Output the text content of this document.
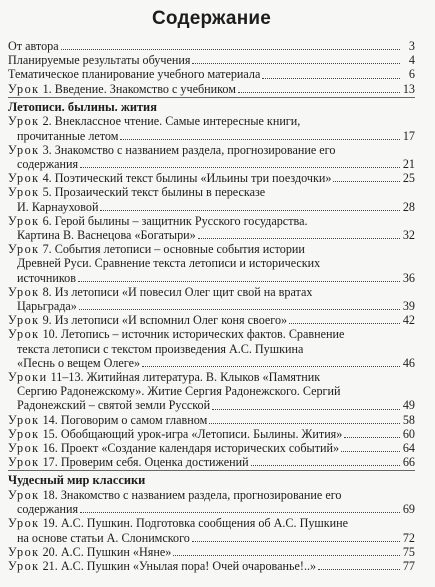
Содержание
От автора	3
Планируемые результаты обучения	4
Тематическое планирование учебного материала	6
Урок 1. Введение. Знакомство с учебником	13
Летописи. былины. жития
Урок 2. Внеклассное чтение. Самые интересные книги,
прочитанные летом	17
Урок 3. Знакомство с названием раздела, прогнозирование его
содержания	21
Урок 4. Поэтический текст былины «Ильины три поездочки»	25
Урок 5. Прозаический текст былины в пересказе
И. Карнауховой	28
Урок 6. Герой былины – защитник Русского государства.
Картина В. Васнецова «Богатыри»	32
Урок 7. События летописи – основные события истории
Древней Руси. Сравнение текста летописи и исторических
источников	36
Урок 8. Из летописи «И повесил Олег щит свой на вратах
Царьграда»	39
Урок 9. Из летописи «И вспомнил Олег коня своего»	42
Урок 10. Летопись – источник исторических фактов. Сравнение
текста летописи с текстом произведения А.С. Пушкина
«Песнь о вещем Олеге»	46
Уроки 11–13. Житийная литература. В. Клыков «Памятник
Сергию Радонежскому». Житие Сергия Радонежского. Сергий
Радонежский – святой земли Русской	49
Урок 14. Поговорим о самом главном	58
Урок 15. Обобщающий урок-игра «Летописи. Былины. Жития»	60
Урок 16. Проект «Создание календаря исторических событий»	64
Урок 17. Проверим себя. Оценка достижений	66
Чудесный мир классики
Урок 18. Знакомство с названием раздела, прогнозирование его
содержания	69
Урок 19. А.С. Пушкин. Подготовка сообщения об А.С. Пушкине
на основе статьи А. Слонимского	72
Урок 20. А.С. Пушкин «Няне»	75
Урок 21. А.С. Пушкин «Унылая пора! Очей очарованье!..»	77
